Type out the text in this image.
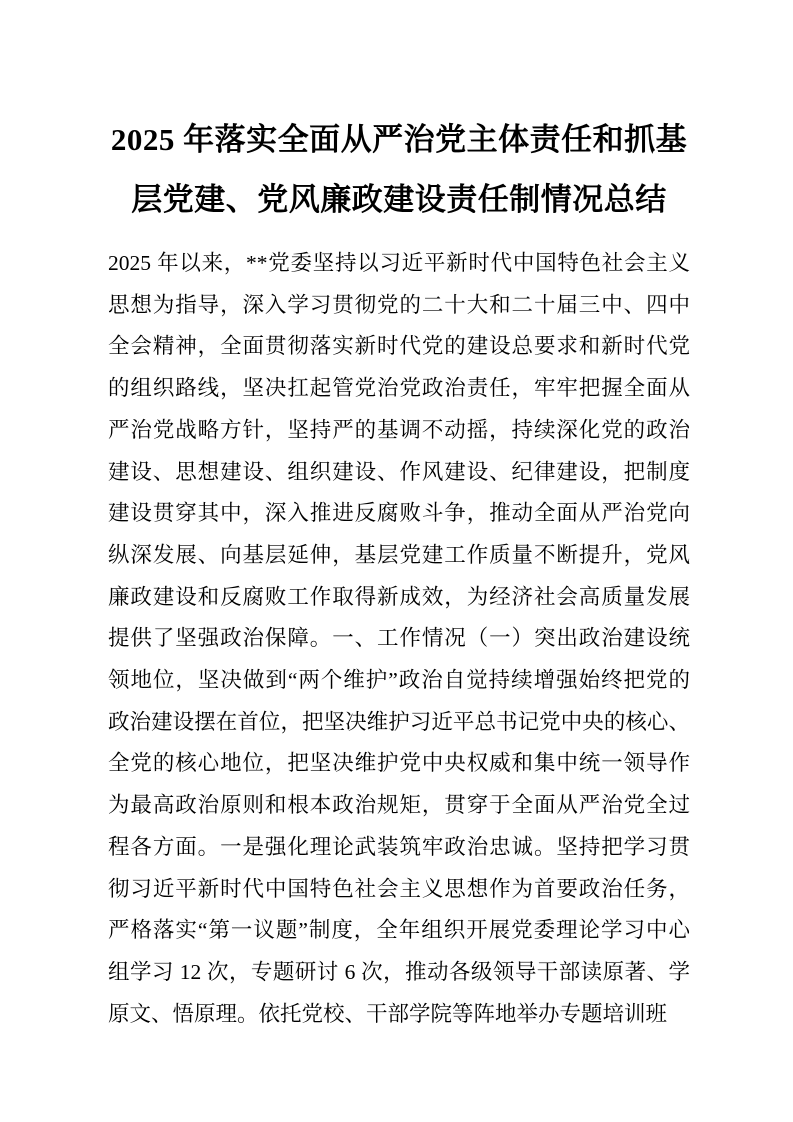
2025 年落实全面从严治党主体责任和抓基
层党建、党风廉政建设责任制情况总结
2025 年以来，**党委坚持以习近平新时代中国特色社会主义
思想为指导，深入学习贯彻党的二十大和二十届三中、四中
全会精神，全面贯彻落实新时代党的建设总要求和新时代党
的组织路线，坚决扛起管党治党政治责任，牢牢把握全面从
严治党战略方针，坚持严的基调不动摇，持续深化党的政治
建设、思想建设、组织建设、作风建设、纪律建设，把制度
建设贯穿其中，深入推进反腐败斗争，推动全面从严治党向
纵深发展、向基层延伸，基层党建工作质量不断提升，党风
廉政建设和反腐败工作取得新成效，为经济社会高质量发展
提供了坚强政治保障。一、工作情况（一）突出政治建设统
领地位，坚决做到“两个维护”政治自觉持续增强始终把党的
政治建设摆在首位，把坚决维护习近平总书记党中央的核心、
全党的核心地位，把坚决维护党中央权威和集中统一领导作
为最高政治原则和根本政治规矩，贯穿于全面从严治党全过
程各方面。一是强化理论武装筑牢政治忠诚。坚持把学习贯
彻习近平新时代中国特色社会主义思想作为首要政治任务，
严格落实“第一议题”制度，全年组织开展党委理论学习中心
组学习 12 次，专题研讨 6 次，推动各级领导干部读原著、学
原文、悟原理。依托党校、干部学院等阵地举办专题培训班
